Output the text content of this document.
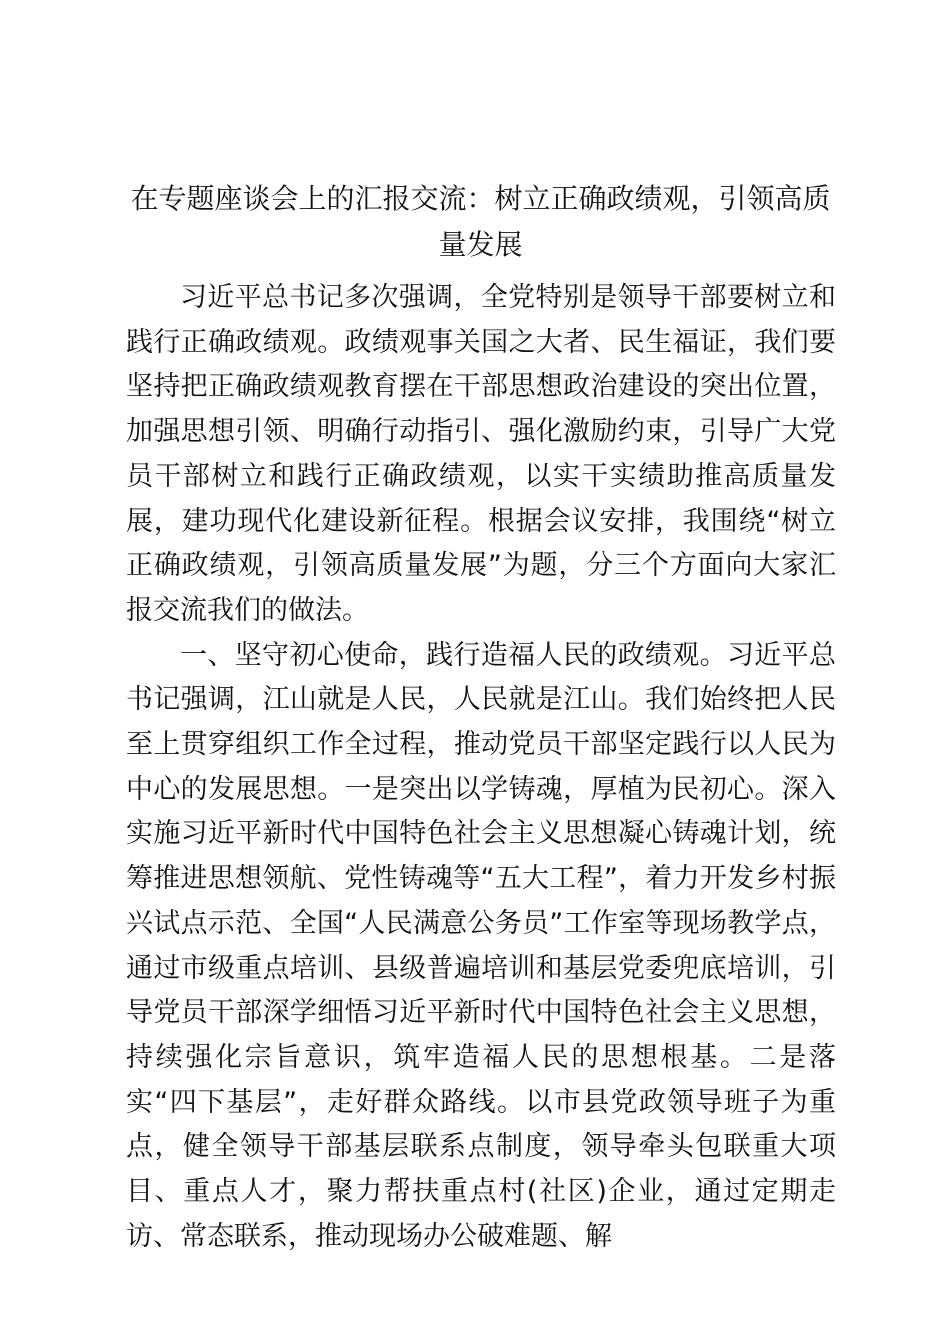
在专题座谈会上的汇报交流：树立正确政绩观，引领高质量发展

习近平总书记多次强调，全党特别是领导干部要树立和践行正确政绩观。政绩观事关国之大者、民生福证，我们要坚持把正确政绩观教育摆在干部思想政治建设的突出位置，加强思想引领、明确行动指引、强化激励约束，引导广大党员干部树立和践行正确政绩观，以实干实绩助推高质量发展，建功现代化建设新征程。根据会议安排，我围绕“树立正确政绩观，引领高质量发展”为题，分三个方面向大家汇报交流我们的做法。

一、坚守初心使命，践行造福人民的政绩观。习近平总书记强调，江山就是人民，人民就是江山。我们始终把人民至上贯穿组织工作全过程，推动党员干部坚定践行以人民为中心的发展思想。一是突出以学铸魂，厚植为民初心。深入实施习近平新时代中国特色社会主义思想凝心铸魂计划，统筹推进思想领航、党性铸魂等“五大工程”，着力开发乡村振兴试点示范、全国“人民满意公务员”工作室等现场教学点，通过市级重点培训、县级普遍培训和基层党委兜底培训，引导党员干部深学细悟习近平新时代中国特色社会主义思想，持续强化宗旨意识，筑牢造福人民的思想根基。二是落实“四下基层”，走好群众路线。以市县党政领导班子为重点，健全领导干部基层联系点制度，领导牵头包联重大项目、重点人才，聚力帮扶重点村(社区)企业，通过定期走访、常态联系，推动现场办公破难题、解
